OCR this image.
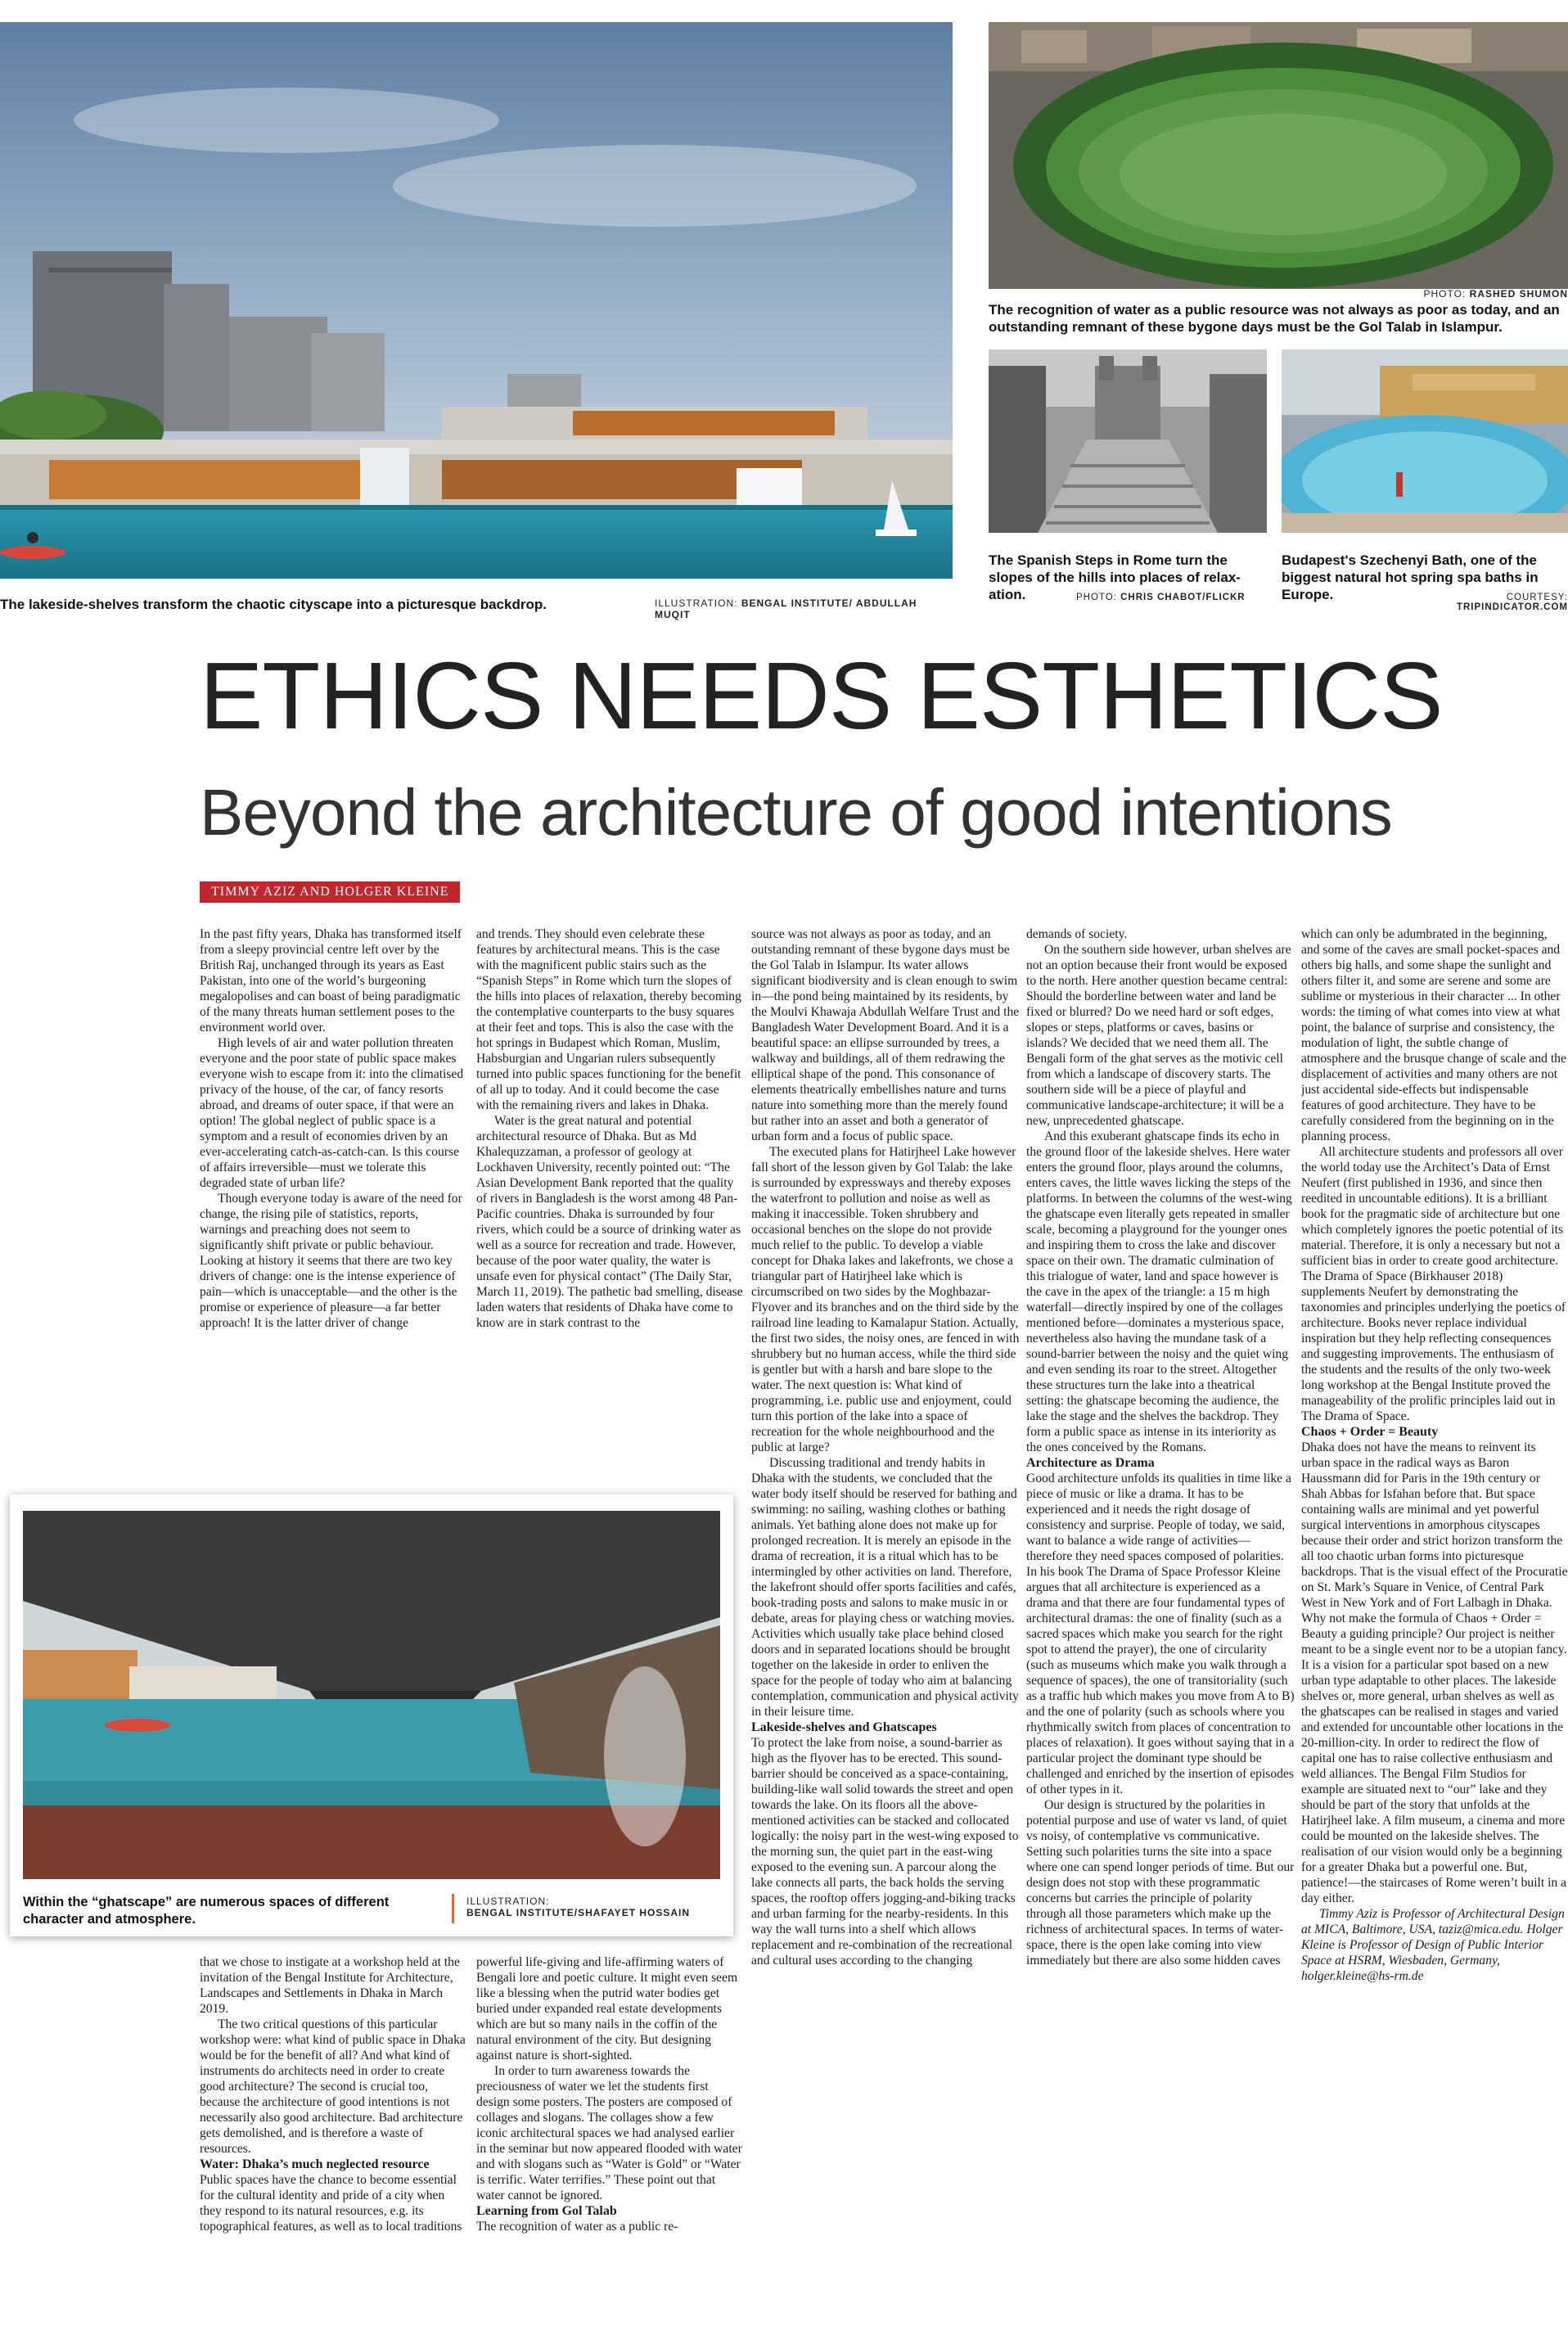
The lakeside-shelves transform the chaotic cityscape into a picturesque backdrop.	ILLUSTRATION: BENGAL INSTITUTE/ ABDULLAH MUQIT
PHOTO: RASHED SHUMON
The recognition of water as a public resource was not always as poor as today, and an outstanding remnant of these bygone days must be the Gol Talab in Islampur.
The Spanish Steps in Rome turn the slopes of the hills into places of relax- ation.	PHOTO: CHRIS CHABOT/FLICKR
Budapest's Szechenyi Bath, one of the biggest natural hot spring spa baths in Europe.	COURTESY: TRIPINDICATOR.COM
ETHICS NEEDS ESTHETICS
Beyond the architecture of good intentions
TIMMY AZIZ AND HOLGER KLEINE

In the past fifty years, Dhaka has transformed itself from a sleepy provincial centre left over by the British Raj, unchanged through its years as East Pakistan, into one of the world’s burgeoning megalopolises and can boast of being paradigmatic of the many threats human settlement poses to the environment world over.

High levels of air and water pollution threaten everyone and the poor state of public space makes everyone wish to escape from it: into the climatised privacy of the house, of the car, of fancy resorts abroad, and dreams of outer space, if that were an option! The global neglect of public space is a symptom and a result of economies driven by an ever-accelerating catch-as-catch-can. Is this course of affairs irreversible—must we tolerate this degraded state of urban life?

Though everyone today is aware of the need for change, the rising pile of statistics, reports, warnings and preaching does not seem to significantly shift private or public behaviour. Looking at history it seems that there are two key drivers of change: one is the intense experience of pain—which is unacceptable—and the other is the promise or experience of pleasure—a far better approach! It is the latter driver of change

and trends. They should even celebrate these features by architectural means. This is the case with the magnificent public stairs such as the “Spanish Steps” in Rome which turn the slopes of the hills into places of relaxation, thereby becoming the contemplative counterparts to the busy squares at their feet and tops. This is also the case with the hot springs in Budapest which Roman, Muslim, Habsburgian and Ungarian rulers subsequently turned into public spaces functioning for the benefit of all up to today. And it could become the case with the remaining rivers and lakes in Dhaka.

Water is the great natural and potential architectural resource of Dhaka. But as Md Khalequzzaman, a professor of geology at Lockhaven University, recently pointed out: “The Asian Development Bank reported that the quality of rivers in Bangladesh is the worst among 48 Pan-Pacific countries. Dhaka is surrounded by four rivers, which could be a source of drinking water as well as a source for recreation and trade. However, because of the poor water quality, the water is unsafe even for physical contact” (The Daily Star, March 11, 2019). The pathetic bad smelling, disease laden waters that residents of Dhaka have come to know are in stark contrast to the

source was not always as poor as today, and an outstanding remnant of these bygone days must be the Gol Talab in Islampur. Its water allows significant biodiversity and is clean enough to swim in—the pond being maintained by its residents, by the Moulvi Khawaja Abdullah Welfare Trust and the Bangladesh Water Development Board. And it is a beautiful space: an ellipse surrounded by trees, a walkway and buildings, all of them redrawing the elliptical shape of the pond. This consonance of elements theatrically embellishes nature and turns nature into something more than the merely found but rather into an asset and both a generator of urban form and a focus of public space.

The executed plans for Hatirjheel Lake however fall short of the lesson given by Gol Talab: the lake is surrounded by expressways and thereby exposes the waterfront to pollution and noise as well as making it inaccessible. Token shrubbery and occasional benches on the slope do not provide much relief to the public. To develop a viable concept for Dhaka lakes and lakefronts, we chose a triangular part of Hatirjheel lake which is circumscribed on two sides by the Moghbazar-Flyover and its branches and on the third side by the railroad line leading to Kamalapur Station. Actually, the first two sides, the noisy ones, are fenced in with shrubbery but no human access, while the third side is gentler but with a harsh and bare slope to the water. The next question is: What kind of programming, i.e. public use and enjoyment, could turn this portion of the lake into a space of recreation for the whole neighbourhood and the public at large?

Discussing traditional and trendy habits in Dhaka with the students, we concluded that the water body itself should be reserved for bathing and swimming: no sailing, washing clothes or bathing animals. Yet bathing alone does not make up for prolonged recreation. It is merely an episode in the drama of recreation, it is a ritual which has to be intermingled by other activities on land. Therefore, the lakefront should offer sports facilities and cafés, book-trading posts and salons to make music in or debate, areas for playing chess or watching movies. Activities which usually take place behind closed doors and in separated locations should be brought together on the lakeside in order to enliven the space for the people of today who aim at balancing contemplation, communication and physical activity in their leisure time.

Lakeside-shelves and Ghatscapes

To protect the lake from noise, a sound-barrier as high as the flyover has to be erected. This sound-barrier should be conceived as a space-containing, building-like wall solid towards the street and open towards the lake. On its floors all the above-mentioned activities can be stacked and collocated logically: the noisy part in the west-wing exposed to the morning sun, the quiet part in the east-wing exposed to the evening sun. A parcour along the lake connects all parts, the back holds the serving spaces, the rooftop offers jogging-and-biking tracks and urban farming for the nearby-residents. In this way the wall turns into a shelf which allows replacement and re-combination of the recreational and cultural uses according to the changing

demands of society.

On the southern side however, urban shelves are not an option because their front would be exposed to the north. Here another question became central: Should the borderline between water and land be fixed or blurred? Do we need hard or soft edges, slopes or steps, platforms or caves, basins or islands? We decided that we need them all. The Bengali form of the ghat serves as the motivic cell from which a landscape of discovery starts. The southern side will be a piece of playful and communicative landscape-architecture; it will be a new, unprecedented ghatscape.

And this exuberant ghatscape finds its echo in the ground floor of the lakeside shelves. Here water enters the ground floor, plays around the columns, enters caves, the little waves licking the steps of the platforms. In between the columns of the west-wing the ghatscape even literally gets repeated in smaller scale, becoming a playground for the younger ones and inspiring them to cross the lake and discover space on their own. The dramatic culmination of this trialogue of water, land and space however is the cave in the apex of the triangle: a 15 m high waterfall—directly inspired by one of the collages mentioned before—dominates a mysterious space, nevertheless also having the mundane task of a sound-barrier between the noisy and the quiet wing and even sending its roar to the street. Altogether these structures turn the lake into a theatrical setting: the ghatscape becoming the audience, the lake the stage and the shelves the backdrop. They form a public space as intense in its interiority as the ones conceived by the Romans.

Architecture as Drama

Good architecture unfolds its qualities in time like a piece of music or like a drama. It has to be experienced and it needs the right dosage of consistency and surprise. People of today, we said, want to balance a wide range of activities—therefore they need spaces composed of polarities. In his book The Drama of Space Professor Kleine argues that all architecture is experienced as a drama and that there are four fundamental types of architectural dramas: the one of finality (such as a sacred spaces which make you search for the right spot to attend the prayer), the one of circularity (such as museums which make you walk through a sequence of spaces), the one of transitoriality (such as a traffic hub which makes you move from A to B) and the one of polarity (such as schools where you rhythmically switch from places of concentration to places of relaxation). It goes without saying that in a particular project the dominant type should be challenged and enriched by the insertion of episodes of other types in it.

Our design is structured by the polarities in potential purpose and use of water vs land, of quiet vs noisy, of contemplative vs communicative. Setting such polarities turns the site into a space where one can spend longer periods of time. But our design does not stop with these programmatic concerns but carries the principle of polarity through all those parameters which make up the richness of architectural spaces. In terms of water-space, there is the open lake coming into view immediately but there are also some hidden caves

which can only be adumbrated in the beginning, and some of the caves are small pocket-spaces and others big halls, and some shape the sunlight and others filter it, and some are serene and some are sublime or mysterious in their character ... In other words: the timing of what comes into view at what point, the balance of surprise and consistency, the modulation of light, the subtle change of atmosphere and the brusque change of scale and the displacement of activities and many others are not just accidental side-effects but indispensable features of good architecture. They have to be carefully considered from the beginning on in the planning process.

All architecture students and professors all over the world today use the Architect’s Data of Ernst Neufert (first published in 1936, and since then reedited in uncountable editions). It is a brilliant book for the pragmatic side of architecture but one which completely ignores the poetic potential of its material. Therefore, it is only a necessary but not a sufficient bias in order to create good architecture. The Drama of Space (Birkhauser 2018) supplements Neufert by demonstrating the taxonomies and principles underlying the poetics of architecture. Books never replace individual inspiration but they help reflecting consequences and suggesting improvements. The enthusiasm of the students and the results of the only two-week long workshop at the Bengal Institute proved the manageability of the prolific principles laid out in The Drama of Space.

Chaos + Order = Beauty

Dhaka does not have the means to reinvent its urban space in the radical ways as Baron Haussmann did for Paris in the 19th century or Shah Abbas for Isfahan before that. But space containing walls are minimal and yet powerful surgical interventions in amorphous cityscapes because their order and strict horizon transform the all too chaotic urban forms into picturesque backdrops. That is the visual effect of the Procuratie on St. Mark’s Square in Venice, of Central Park West in New York and of Fort Lalbagh in Dhaka. Why not make the formula of Chaos + Order = Beauty a guiding principle? Our project is neither meant to be a single event nor to be a utopian fancy. It is a vision for a particular spot based on a new urban type adaptable to other places. The lakeside shelves or, more general, urban shelves as well as the ghatscapes can be realised in stages and varied and extended for uncountable other locations in the 20-million-city. In order to redirect the flow of capital one has to raise collective enthusiasm and weld alliances. The Bengal Film Studios for example are situated next to “our” lake and they should be part of the story that unfolds at the Hatirjheel lake. A film museum, a cinema and more could be mounted on the lakeside shelves. The realisation of our vision would only be a beginning for a greater Dhaka but a powerful one. But, patience!—the staircases of Rome weren’t built in a day either.

Timmy Aziz is Professor of Architectural Design at MICA, Baltimore, USA, taziz@mica.edu. Holger Kleine is Professor of Design of Public Interior Space at HSRM, Wiesbaden, Germany, holger.kleine@hs-rm.de

Within the “ghatscape” are numerous spaces of different character and atmosphere.
ILLUSTRATION:
BENGAL INSTITUTE/SHAFAYET HOSSAIN

that we chose to instigate at a workshop held at the invitation of the Bengal Institute for Architecture, Landscapes and Settlements in Dhaka in March 2019.

The two critical questions of this particular workshop were: what kind of public space in Dhaka would be for the benefit of all? And what kind of instruments do architects need in order to create good architecture? The second is crucial too, because the architecture of good intentions is not necessarily also good architecture. Bad architecture gets demolished, and is therefore a waste of resources.

Water: Dhaka’s much neglected resource

Public spaces have the chance to become essential for the cultural identity and pride of a city when they respond to its natural resources, e.g. its topographical features, as well as to local traditions

powerful life-giving and life-affirming waters of Bengali lore and poetic culture. It might even seem like a blessing when the putrid water bodies get buried under expanded real estate developments which are but so many nails in the coffin of the natural environment of the city. But designing against nature is short-sighted.

In order to turn awareness towards the preciousness of water we let the students first design some posters. The posters are composed of collages and slogans. The collages show a few iconic architectural spaces we had analysed earlier in the seminar but now appeared flooded with water and with slogans such as “Water is Gold” or “Water is terrific. Water terrifies.” These point out that water cannot be ignored.

Learning from Gol Talab

The recognition of water as a public re-
